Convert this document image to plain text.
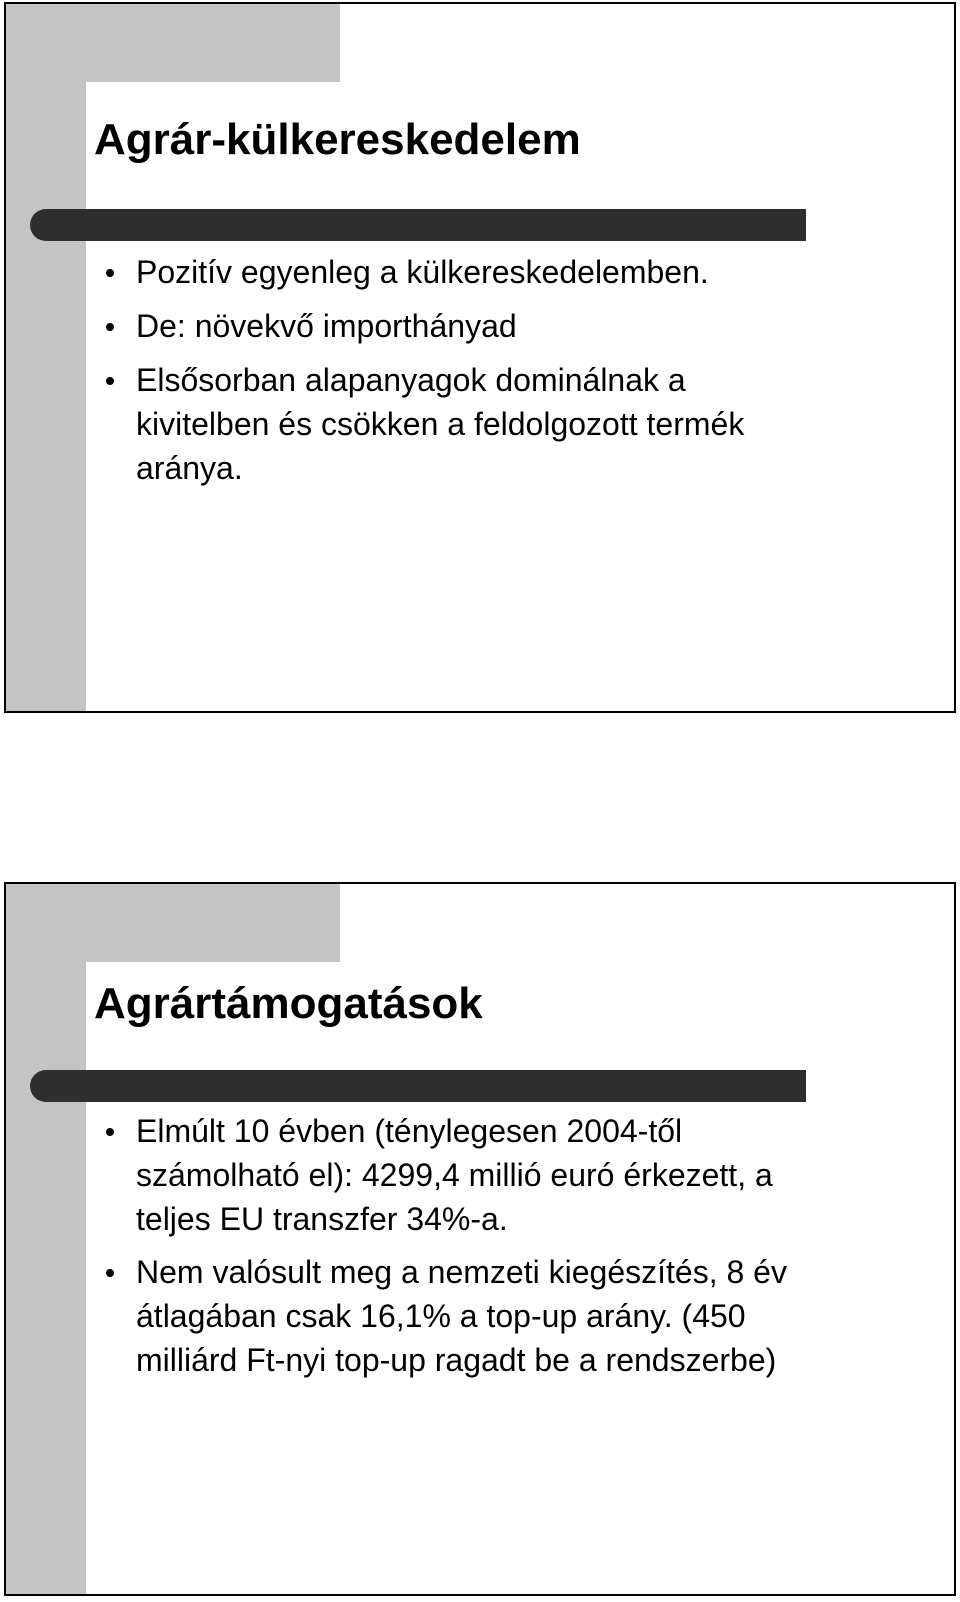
Agrár-külkereskedelem
Pozitív egyenleg a külkereskedelemben.
De: növekvő importhányad
Elsősorban alapanyagok dominálnak a
kivitelben és csökken a feldolgozott termék
aránya.
Agrártámogatások
Elmúlt 10 évben (ténylegesen 2004-től
számolható el): 4299,4 millió euró érkezett, a
teljes EU transzfer 34%-a.
Nem valósult meg a nemzeti kiegészítés, 8 év
átlagában csak 16,1% a top-up arány. (450
milliárd Ft-nyi top-up ragadt be a rendszerbe)
